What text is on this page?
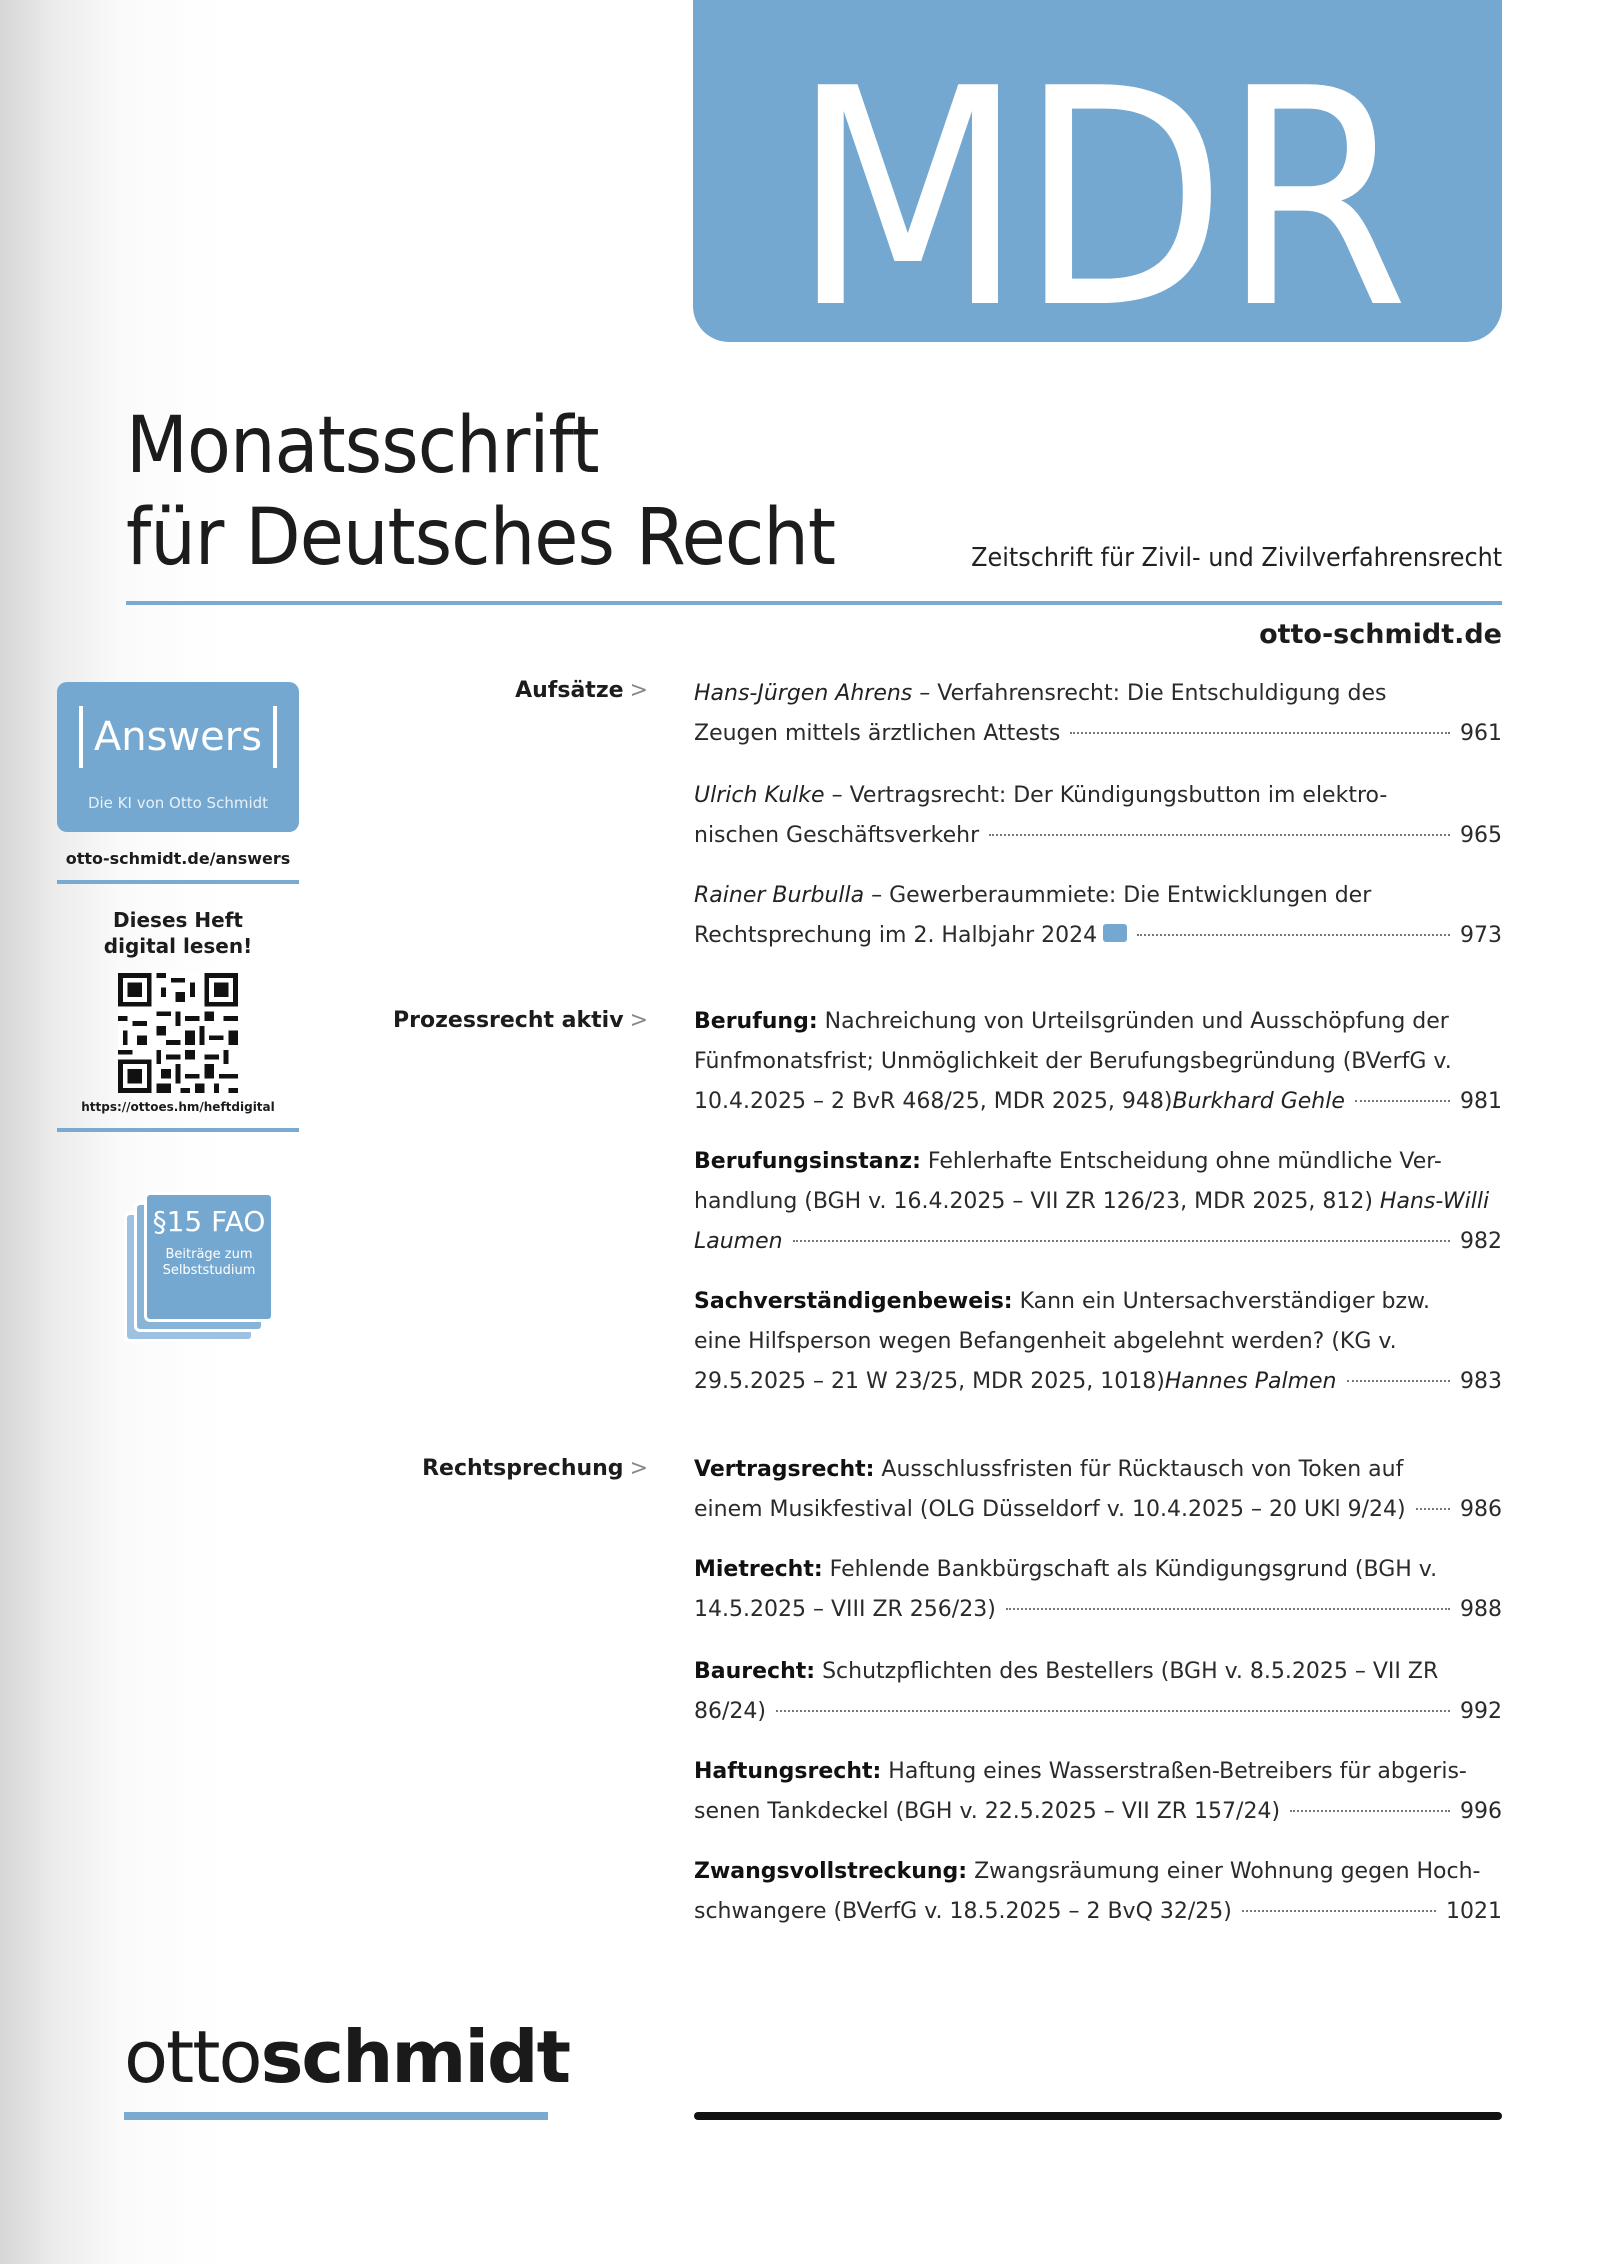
MDR
Monatsschrift
für Deutsches Recht	Zeitschrift für Zivil- und Zivilverfahrensrecht
otto-schmidt.de
Answers
Die KI von Otto Schmidt
otto-schmidt.de/answers
Dieses Heft
digital lesen!
https://ottoes.hm/heftdigital
§15 FAO
Beiträge zum
Selbststudium
Aufsätze >
Prozessrecht aktiv >
Rechtsprechung >
Hans-Jürgen Ahrens – Verfahrensrecht: Die Entschuldigung des
Zeugen mittels ärztlichen Attests	961
Ulrich Kulke – Vertragsrecht: Der Kündigungsbutton im elektro-
nischen Geschäftsverkehr	965
Rainer Burbulla – Gewerberaummiete: Die Entwicklungen der
Rechtsprechung im 2. Halbjahr 2024	973
Berufung: Nachreichung von Urteilsgründen und Ausschöpfung der
Fünfmonatsfrist; Unmöglichkeit der Berufungsbegründung (BVerfG v.
10.4.2025 – 2 BvR 468/25, MDR 2025, 948) Burkhard Gehle	981
Berufungsinstanz: Fehlerhafte Entscheidung ohne mündliche Ver-
handlung (BGH v. 16.4.2025 – VII ZR 126/23, MDR 2025, 812) Hans-Willi
Laumen	982
Sachverständigenbeweis: Kann ein Untersachverständiger bzw.
eine Hilfsperson wegen Befangenheit abgelehnt werden? (KG v.
29.5.2025 – 21 W 23/25, MDR 2025, 1018) Hannes Palmen	983
Vertragsrecht: Ausschlussfristen für Rücktausch von Token auf
einem Musikfestival (OLG Düsseldorf v. 10.4.2025 – 20 UKl 9/24) 986
Mietrecht: Fehlende Bankbürgschaft als Kündigungsgrund (BGH v.
14.5.2025 – VIII ZR 256/23)	988
Baurecht: Schutzpflichten des Bestellers (BGH v. 8.5.2025 – VII ZR
86/24)	992
Haftungsrecht: Haftung eines Wasserstraßen-Betreibers für abgeris-
senen Tankdeckel (BGH v. 22.5.2025 – VII ZR 157/24)	996
Zwangsvollstreckung: Zwangsräumung einer Wohnung gegen Hoch-
schwangere (BVerfG v. 18.5.2025 – 2 BvQ 32/25)	1021
ottoschmidt
